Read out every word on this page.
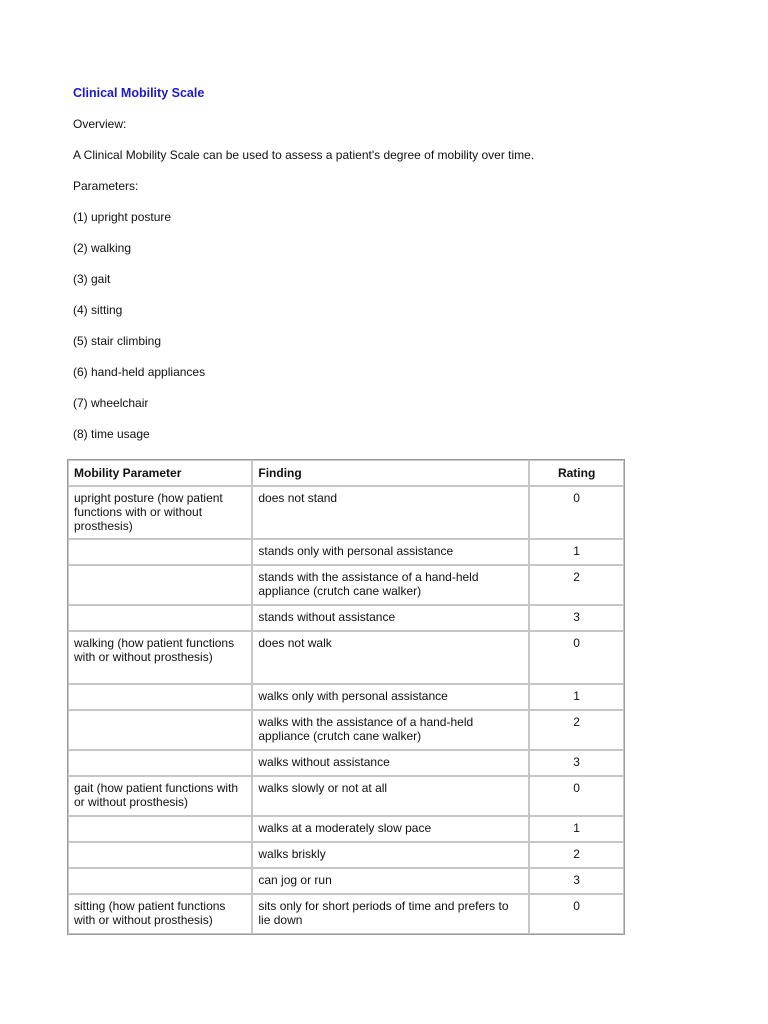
Clinical Mobility Scale

Overview:

A Clinical Mobility Scale can be used to assess a patient's degree of mobility over time.

Parameters:

(1) upright posture

(2) walking

(3) gait

(4) sitting

(5) stair climbing

(6) hand-held appliances

(7) wheelchair

(8) time usage

Mobility Parameter	Finding	Rating
upright posture (how patient functions with or without prosthesis)	does not stand	0
	stands only with personal assistance	1
	stands with the assistance of a hand-held appliance (crutch cane walker)	2
	stands without assistance	3
walking (how patient functions with or without prosthesis)	does not walk	0
	walks only with personal assistance	1
	walks with the assistance of a hand-held appliance (crutch cane walker)	2
	walks without assistance	3
gait (how patient functions with or without prosthesis)	walks slowly or not at all	0
	walks at a moderately slow pace	1
	walks briskly	2
	can jog or run	3
sitting (how patient functions with or without prosthesis)	sits only for short periods of time and prefers to lie down	0
